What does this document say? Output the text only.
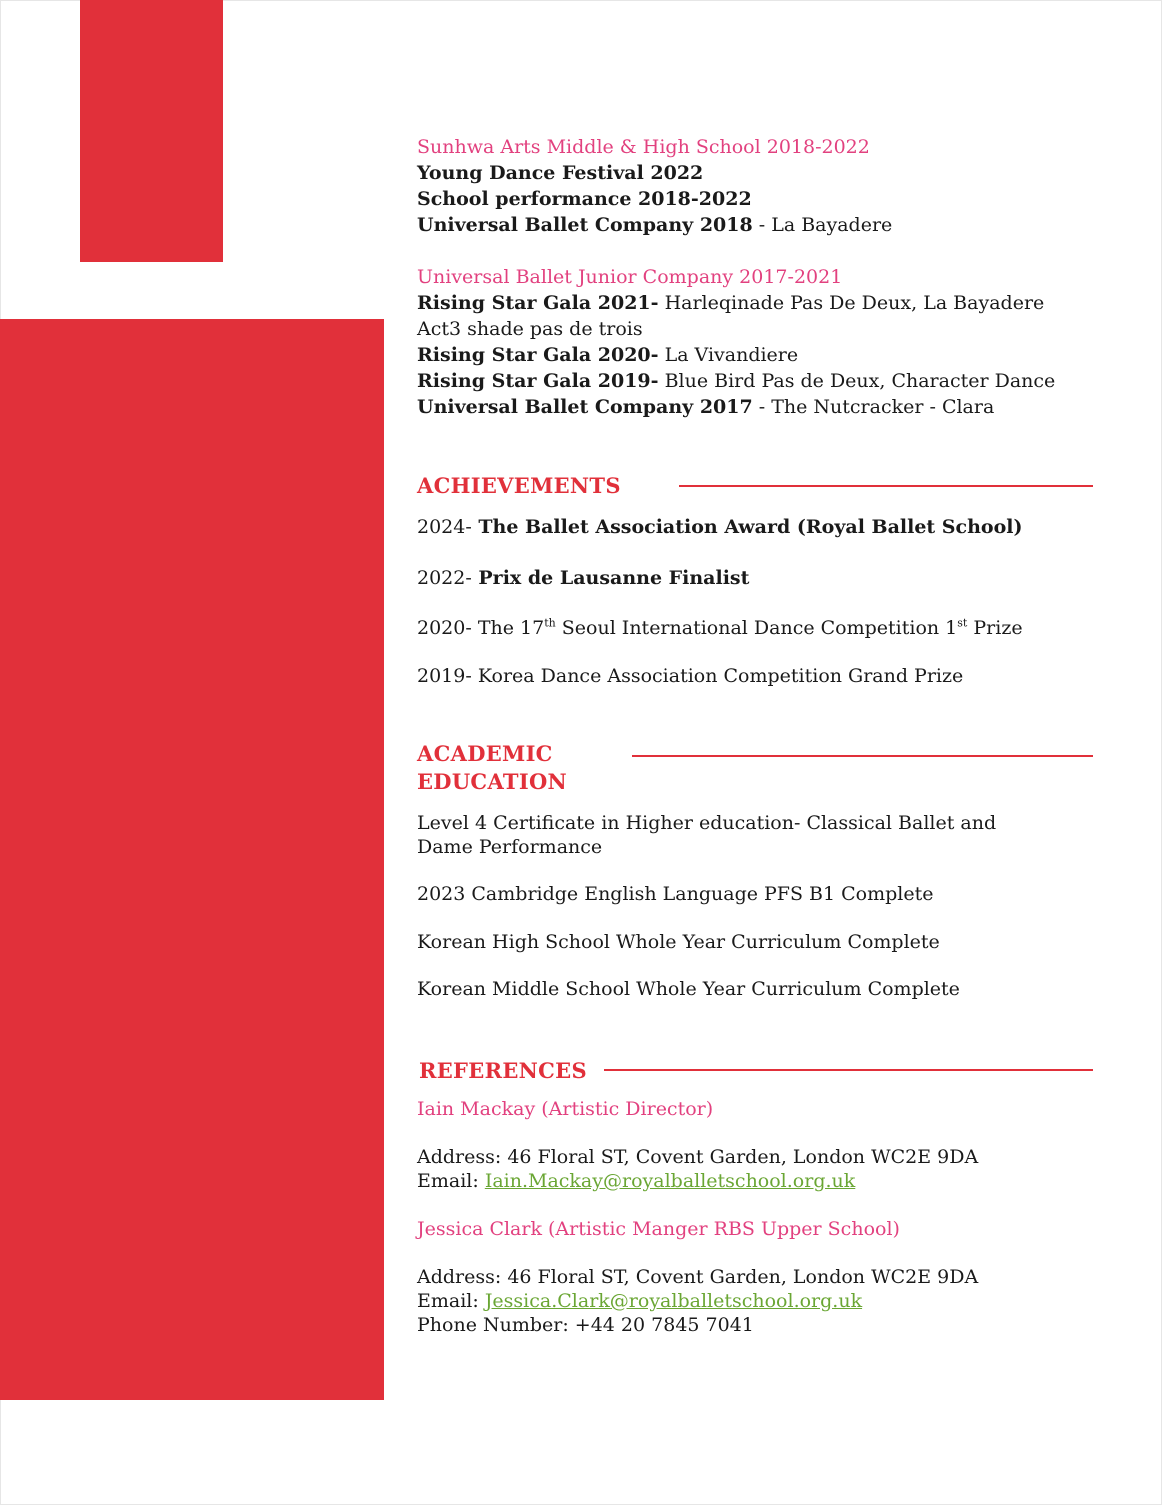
Sunhwa Arts Middle & High School 2018-2022
Young Dance Festival 2022
School performance 2018-2022
Universal Ballet Company 2018 - La Bayadere
Universal Ballet Junior Company 2017-2021
Rising Star Gala 2021- Harleqinade Pas De Deux, La Bayadere Act3 shade pas de trois
Rising Star Gala 2020- La Vivandiere
Rising Star Gala 2019- Blue Bird Pas de Deux, Character Dance
Universal Ballet Company 2017 - The Nutcracker - Clara
ACHIEVEMENTS
2024- The Ballet Association Award (Royal Ballet School)
2022- Prix de Lausanne Finalist
2020- The 17th Seoul International Dance Competition 1st Prize
2019- Korea Dance Association Competition Grand Prize
ACADEMIC
EDUCATION
Level 4 Certificate in Higher education- Classical Ballet and Dame Performance
2023 Cambridge English Language PFS B1 Complete
Korean High School Whole Year Curriculum Complete
Korean Middle School Whole Year Curriculum Complete
REFERENCES
Iain Mackay (Artistic Director)
Address: 46 Floral ST, Covent Garden, London WC2E 9DA
Email: Iain.Mackay@royalballetschool.org.uk
Jessica Clark (Artistic Manger RBS Upper School)
Address: 46 Floral ST, Covent Garden, London WC2E 9DA
Email: Jessica.Clark@royalballetschool.org.uk
Phone Number: +44 20 7845 7041
